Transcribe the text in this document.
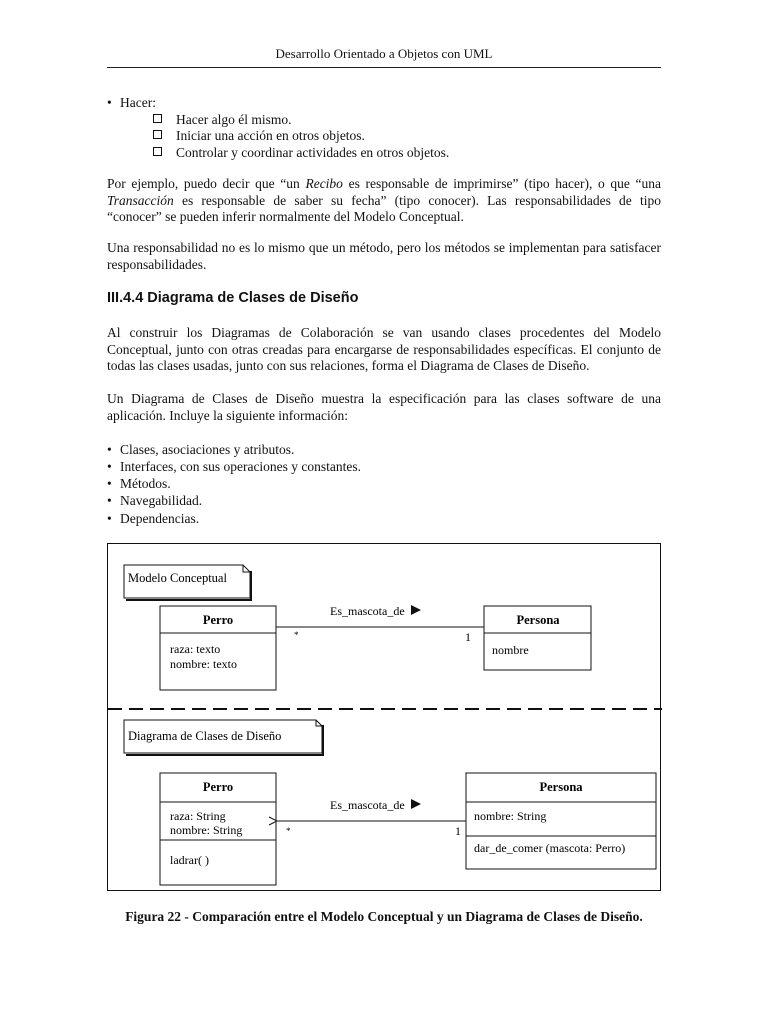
Desarrollo Orientado a Objetos con UML
• Hacer:
Hacer algo él mismo.
Iniciar una acción en otros objetos.
Controlar y coordinar actividades en otros objetos.
Por ejemplo, puedo decir que “un Recibo es responsable de imprimirse” (tipo hacer), o que “una Transacción es responsable de saber su fecha” (tipo conocer). Las responsabilidades de tipo “conocer” se pueden inferir normalmente del Modelo Conceptual.
Una responsabilidad no es lo mismo que un método, pero los métodos se implementan para satisfacer responsabilidades.
III.4.4 Diagrama de Clases de Diseño
Al construir los Diagramas de Colaboración se van usando clases procedentes del Modelo Conceptual, junto con otras creadas para encargarse de responsabilidades específicas. El conjunto de todas las clases usadas, junto con sus relaciones, forma el Diagrama de Clases de Diseño.
Un Diagrama de Clases de Diseño muestra la especificación para las clases software de una aplicación. Incluye la siguiente información:
• Clases, asociaciones y atributos.
• Interfaces, con sus operaciones y constantes.
• Métodos.
• Navegabilidad.
• Dependencias.
Modelo Conceptual
Perro
raza: texto
nombre: texto
Persona
nombre
Es_mascota_de
*	1
Diagrama de Clases de Diseño
Perro
raza: String
nombre: String
ladrar( )
Persona
nombre: String
dar_de_comer (mascota: Perro)
Es_mascota_de
*	1
Figura 22 - Comparación entre el Modelo Conceptual y un Diagrama de Clases de Diseño.
